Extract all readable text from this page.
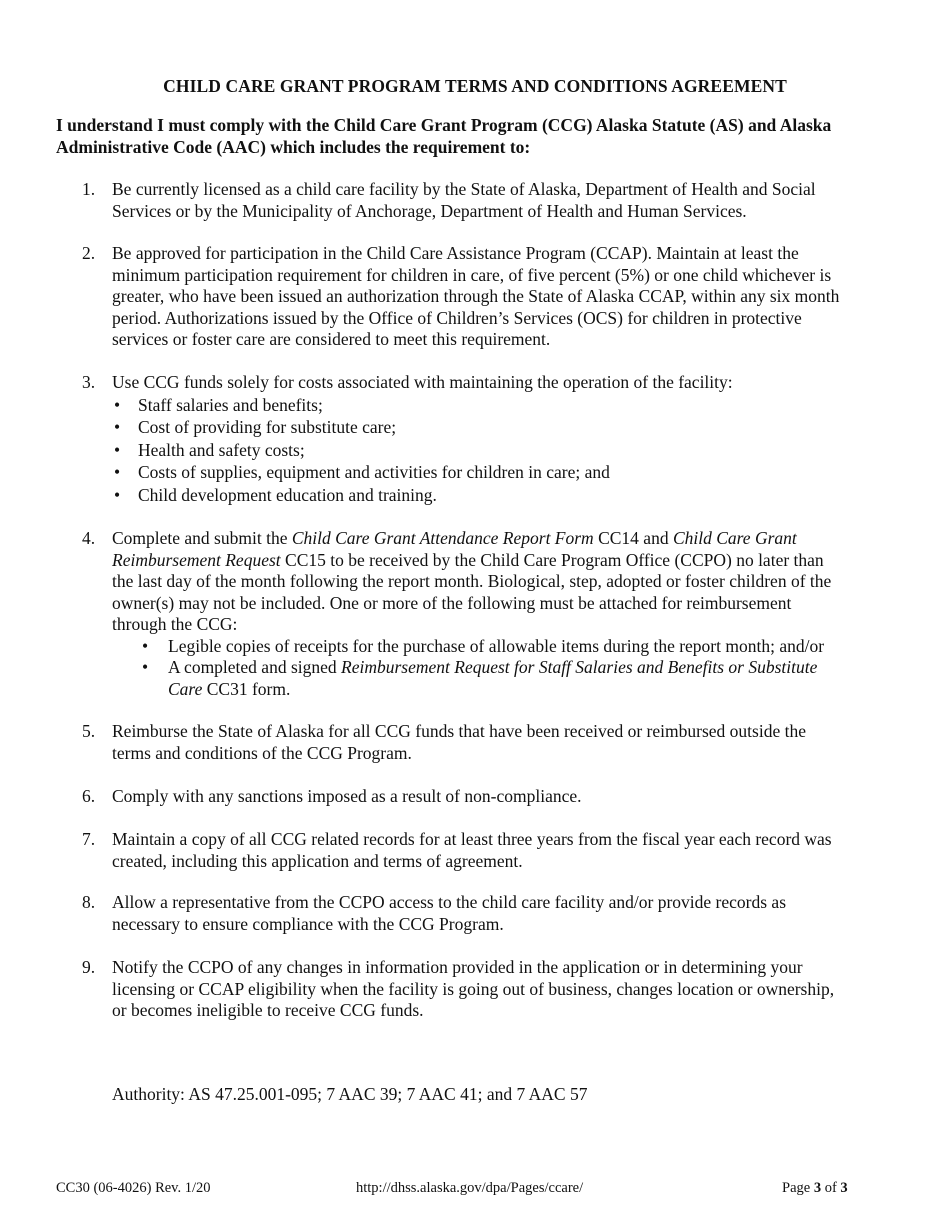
CHILD CARE GRANT PROGRAM TERMS AND CONDITIONS AGREEMENT
I understand I must comply with the Child Care Grant Program (CCG) Alaska Statute (AS) and Alaska Administrative Code (AAC) which includes the requirement to:
1. Be currently licensed as a child care facility by the State of Alaska, Department of Health and Social
Services or by the Municipality of Anchorage, Department of Health and Human Services.
2. Be approved for participation in the Child Care Assistance Program (CCAP). Maintain at least the
minimum participation requirement for children in care, of five percent (5%) or one child whichever is
greater, who have been issued an authorization through the State of Alaska CCAP, within any six month
period. Authorizations issued by the Office of Children’s Services (OCS) for children in protective
services or foster care are considered to meet this requirement.
3. Use CCG funds solely for costs associated with maintaining the operation of the facility:
• Staff salaries and benefits;
• Cost of providing for substitute care;
• Health and safety costs;
• Costs of supplies, equipment and activities for children in care; and
• Child development education and training.
4. Complete and submit the Child Care Grant Attendance Report Form CC14 and Child Care Grant
Reimbursement Request CC15 to be received by the Child Care Program Office (CCPO) no later than
the last day of the month following the report month. Biological, step, adopted or foster children of the
owner(s) may not be included. One or more of the following must be attached for reimbursement
through the CCG:
• Legible copies of receipts for the purchase of allowable items during the report month; and/or
• A completed and signed Reimbursement Request for Staff Salaries and Benefits or Substitute
Care CC31 form.
5. Reimburse the State of Alaska for all CCG funds that have been received or reimbursed outside the
terms and conditions of the CCG Program.
6. Comply with any sanctions imposed as a result of non-compliance.
7. Maintain a copy of all CCG related records for at least three years from the fiscal year each record was
created, including this application and terms of agreement.
8. Allow a representative from the CCPO access to the child care facility and/or provide records as
necessary to ensure compliance with the CCG Program.
9. Notify the CCPO of any changes in information provided in the application or in determining your
licensing or CCAP eligibility when the facility is going out of business, changes location or ownership,
or becomes ineligible to receive CCG funds.
Authority: AS 47.25.001-095; 7 AAC 39; 7 AAC 41; and 7 AAC 57
CC30 (06-4026) Rev. 1/20	http://dhss.alaska.gov/dpa/Pages/ccare/	Page 3 of 3
